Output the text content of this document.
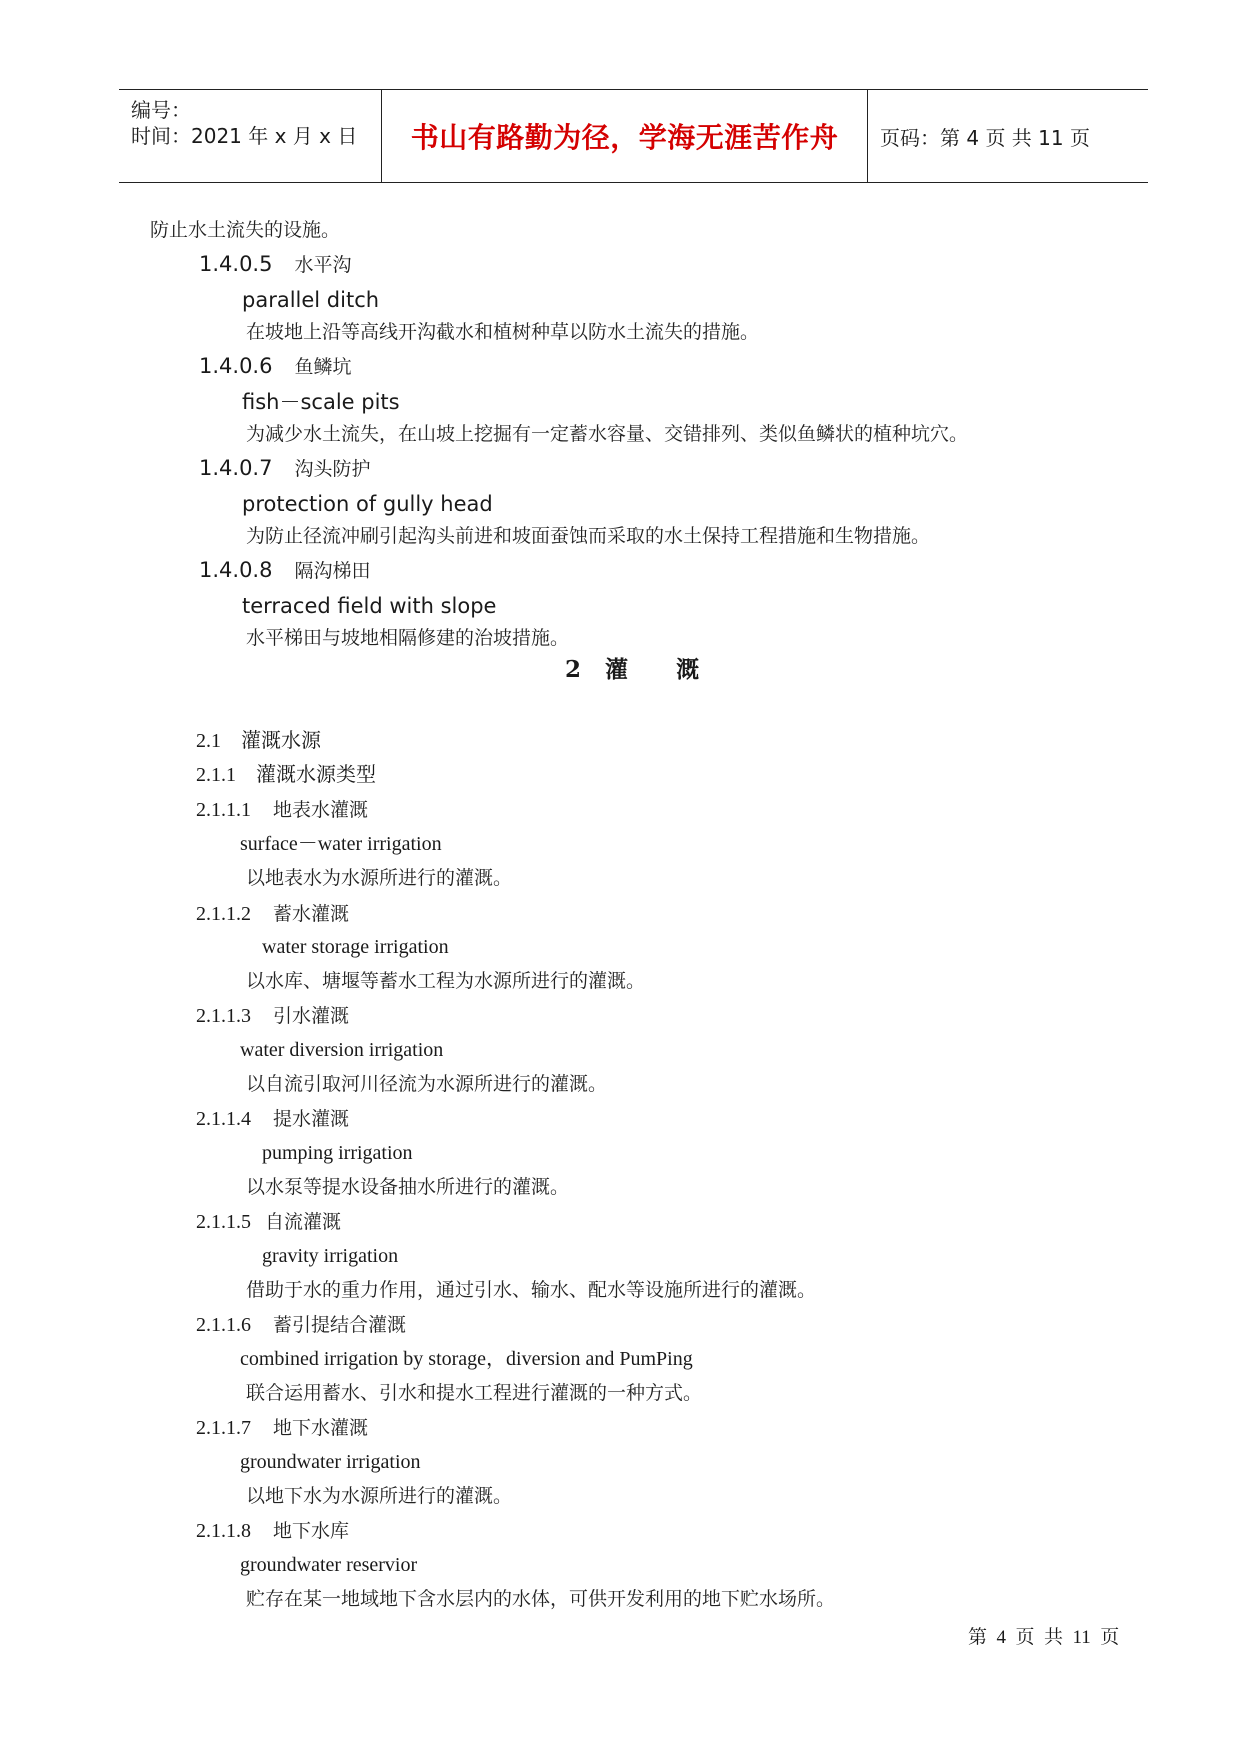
编号：
时间：2021 年 x 月 x 日 书山有路勤为径，学海无涯苦作舟 页码：第 4 页 共 11 页
防止水土流失的设施。
1.4.0.5 水平沟
parallel ditch
在坡地上沿等高线开沟截水和植树种草以防水土流失的措施。
1.4.0.6 鱼鳞坑
fish－scale pits
为减少水土流失，在山坡上挖掘有一定蓄水容量、交错排列、类似鱼鳞状的植种坑穴。
1.4.0.7 沟头防护
protection of gully head
为防止径流冲刷引起沟头前进和坡面蚕蚀而采取的水土保持工程措施和生物措施。
1.4.0.8 隔沟梯田
terraced field with slope
水平梯田与坡地相隔修建的治坡措施。
2   灌      溉
2.1    灌溉水源
2.1.1    灌溉水源类型
2.1.1.1 地表水灌溉
surface－water irrigation
以地表水为水源所进行的灌溉。
2.1.1.2 蓄水灌溉
water storage irrigation
以水库、塘堰等蓄水工程为水源所进行的灌溉。
2.1.1.3 引水灌溉
water diversion irrigation
以自流引取河川径流为水源所进行的灌溉。
2.1.1.4 提水灌溉
pumping irrigation
以水泵等提水设备抽水所进行的灌溉。
2.1.1.5 自流灌溉
gravity irrigation
借助于水的重力作用，通过引水、输水、配水等设施所进行的灌溉。
2.1.1.6 蓄引提结合灌溉
combined irrigation by storage，diversion and PumPing
联合运用蓄水、引水和提水工程进行灌溉的一种方式。
2.1.1.7 地下水灌溉
groundwater irrigation
以地下水为水源所进行的灌溉。
2.1.1.8 地下水库
groundwater reservior
贮存在某一地域地下含水层内的水体，可供开发利用的地下贮水场所。
第  4  页  共  11  页
